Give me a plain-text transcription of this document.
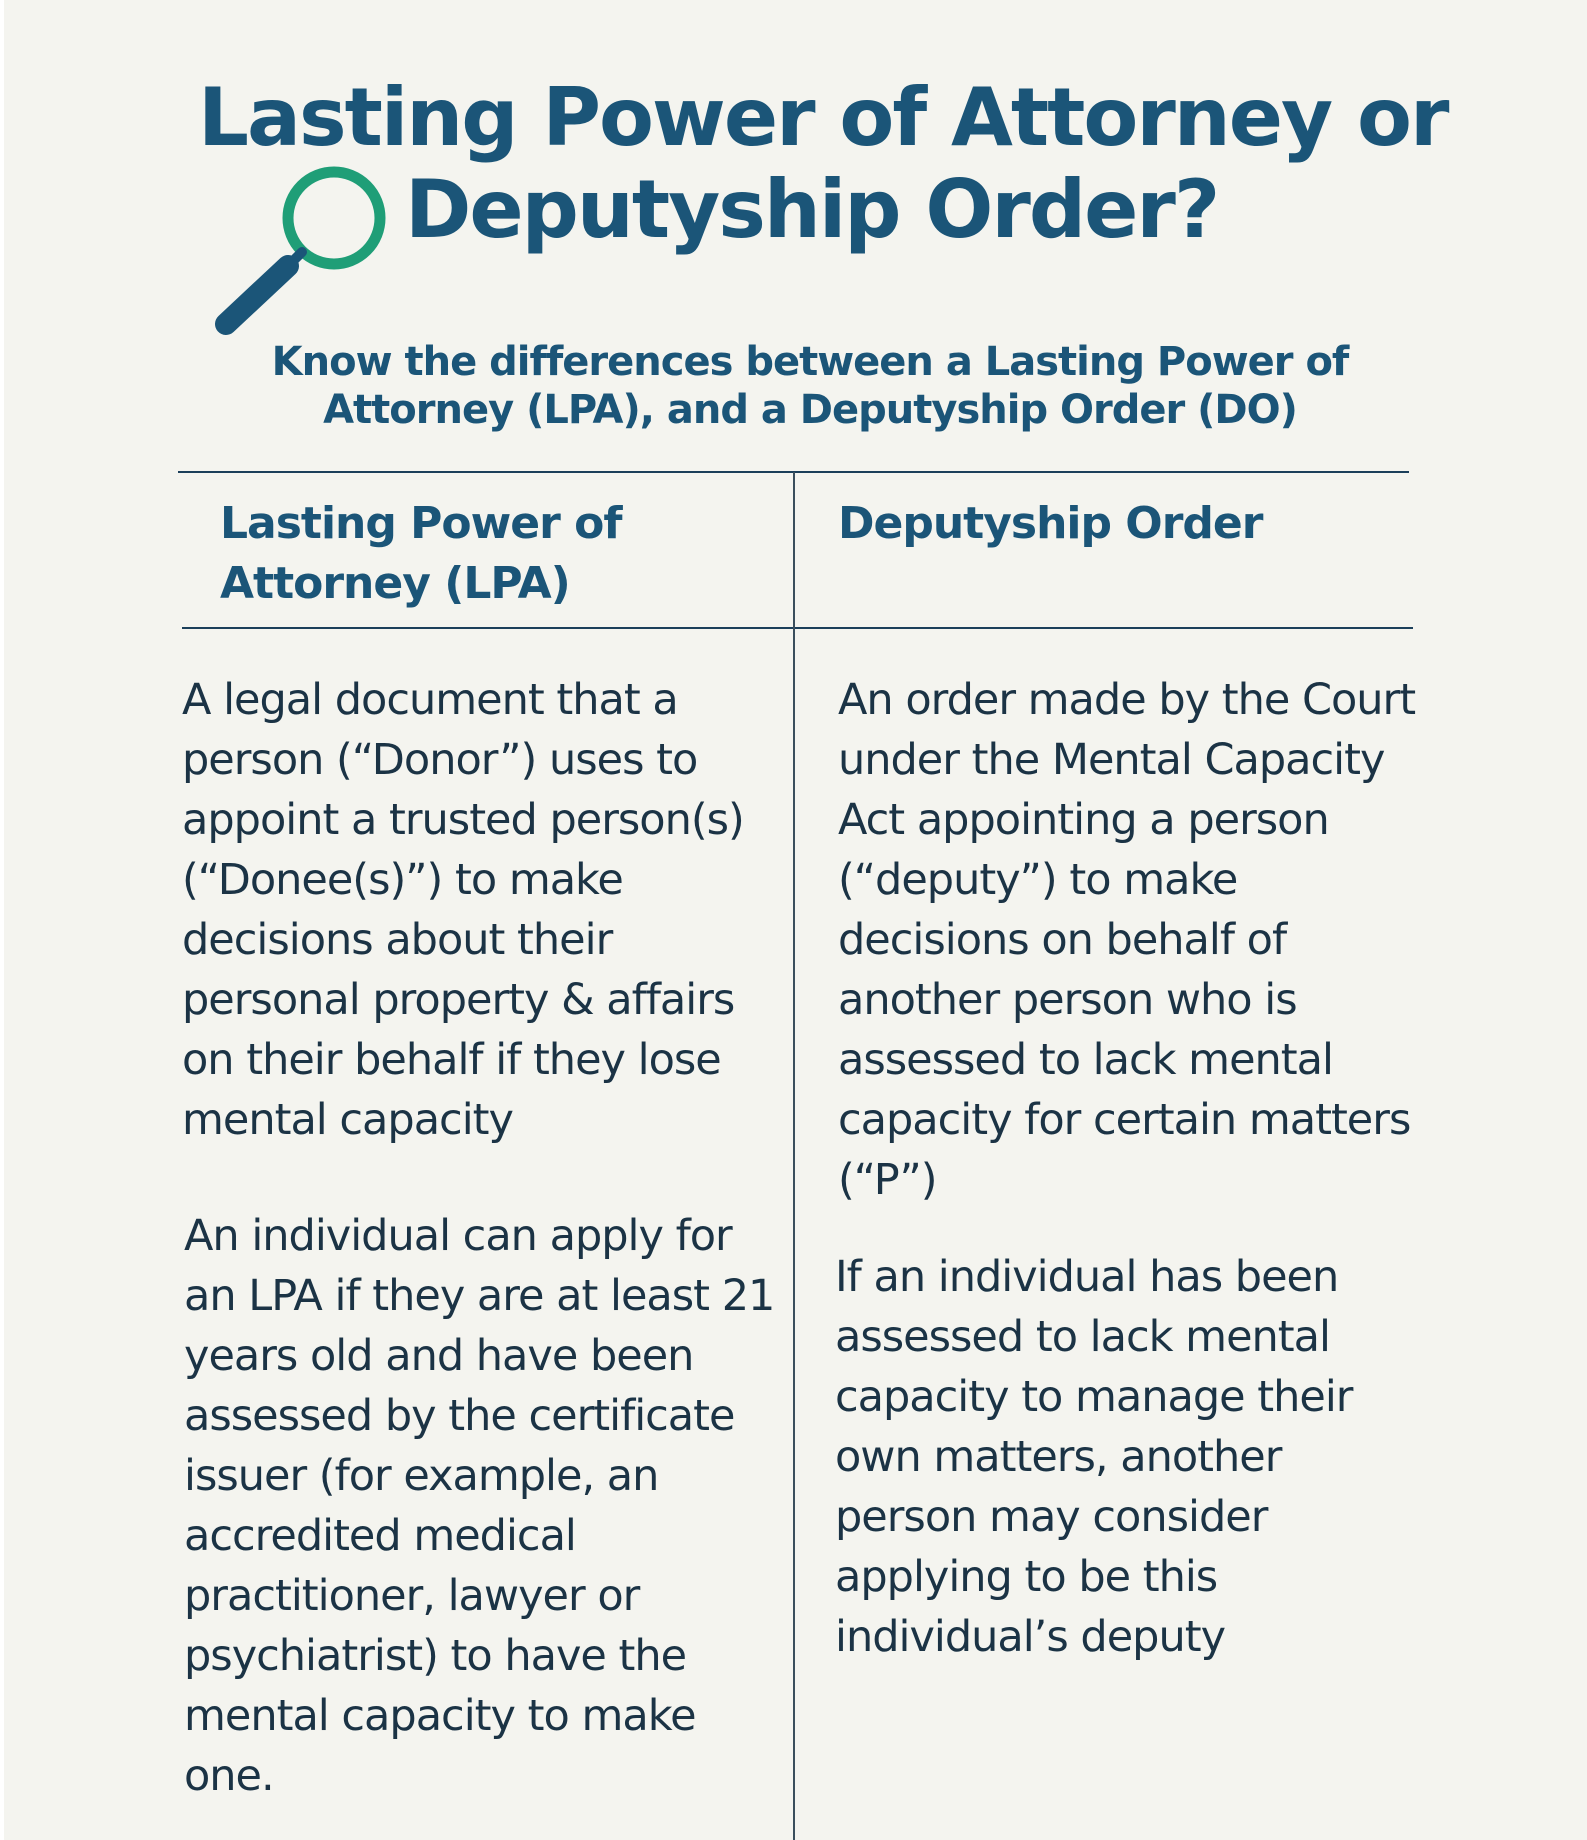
Lasting Power of Attorney or
Deputyship Order?

Know the differences between a Lasting Power of Attorney (LPA), and a Deputyship Order (DO)

Lasting Power of Attorney (LPA)
Deputyship Order

A legal document that a person (“Donor”) uses to appoint a trusted person(s) (“Donee(s)”) to make decisions about their personal property & affairs on their behalf if they lose mental capacity

An individual can apply for an LPA if they are at least 21 years old and have been assessed by the certificate issuer (for example, an accredited medical practitioner, lawyer or psychiatrist) to have the mental capacity to make one.

An order made by the Court under the Mental Capacity Act appointing a person (“deputy”) to make decisions on behalf of another person who is assessed to lack mental capacity for certain matters (“P”)

If an individual has been assessed to lack mental capacity to manage their own matters, another person may consider applying to be this individual’s deputy
